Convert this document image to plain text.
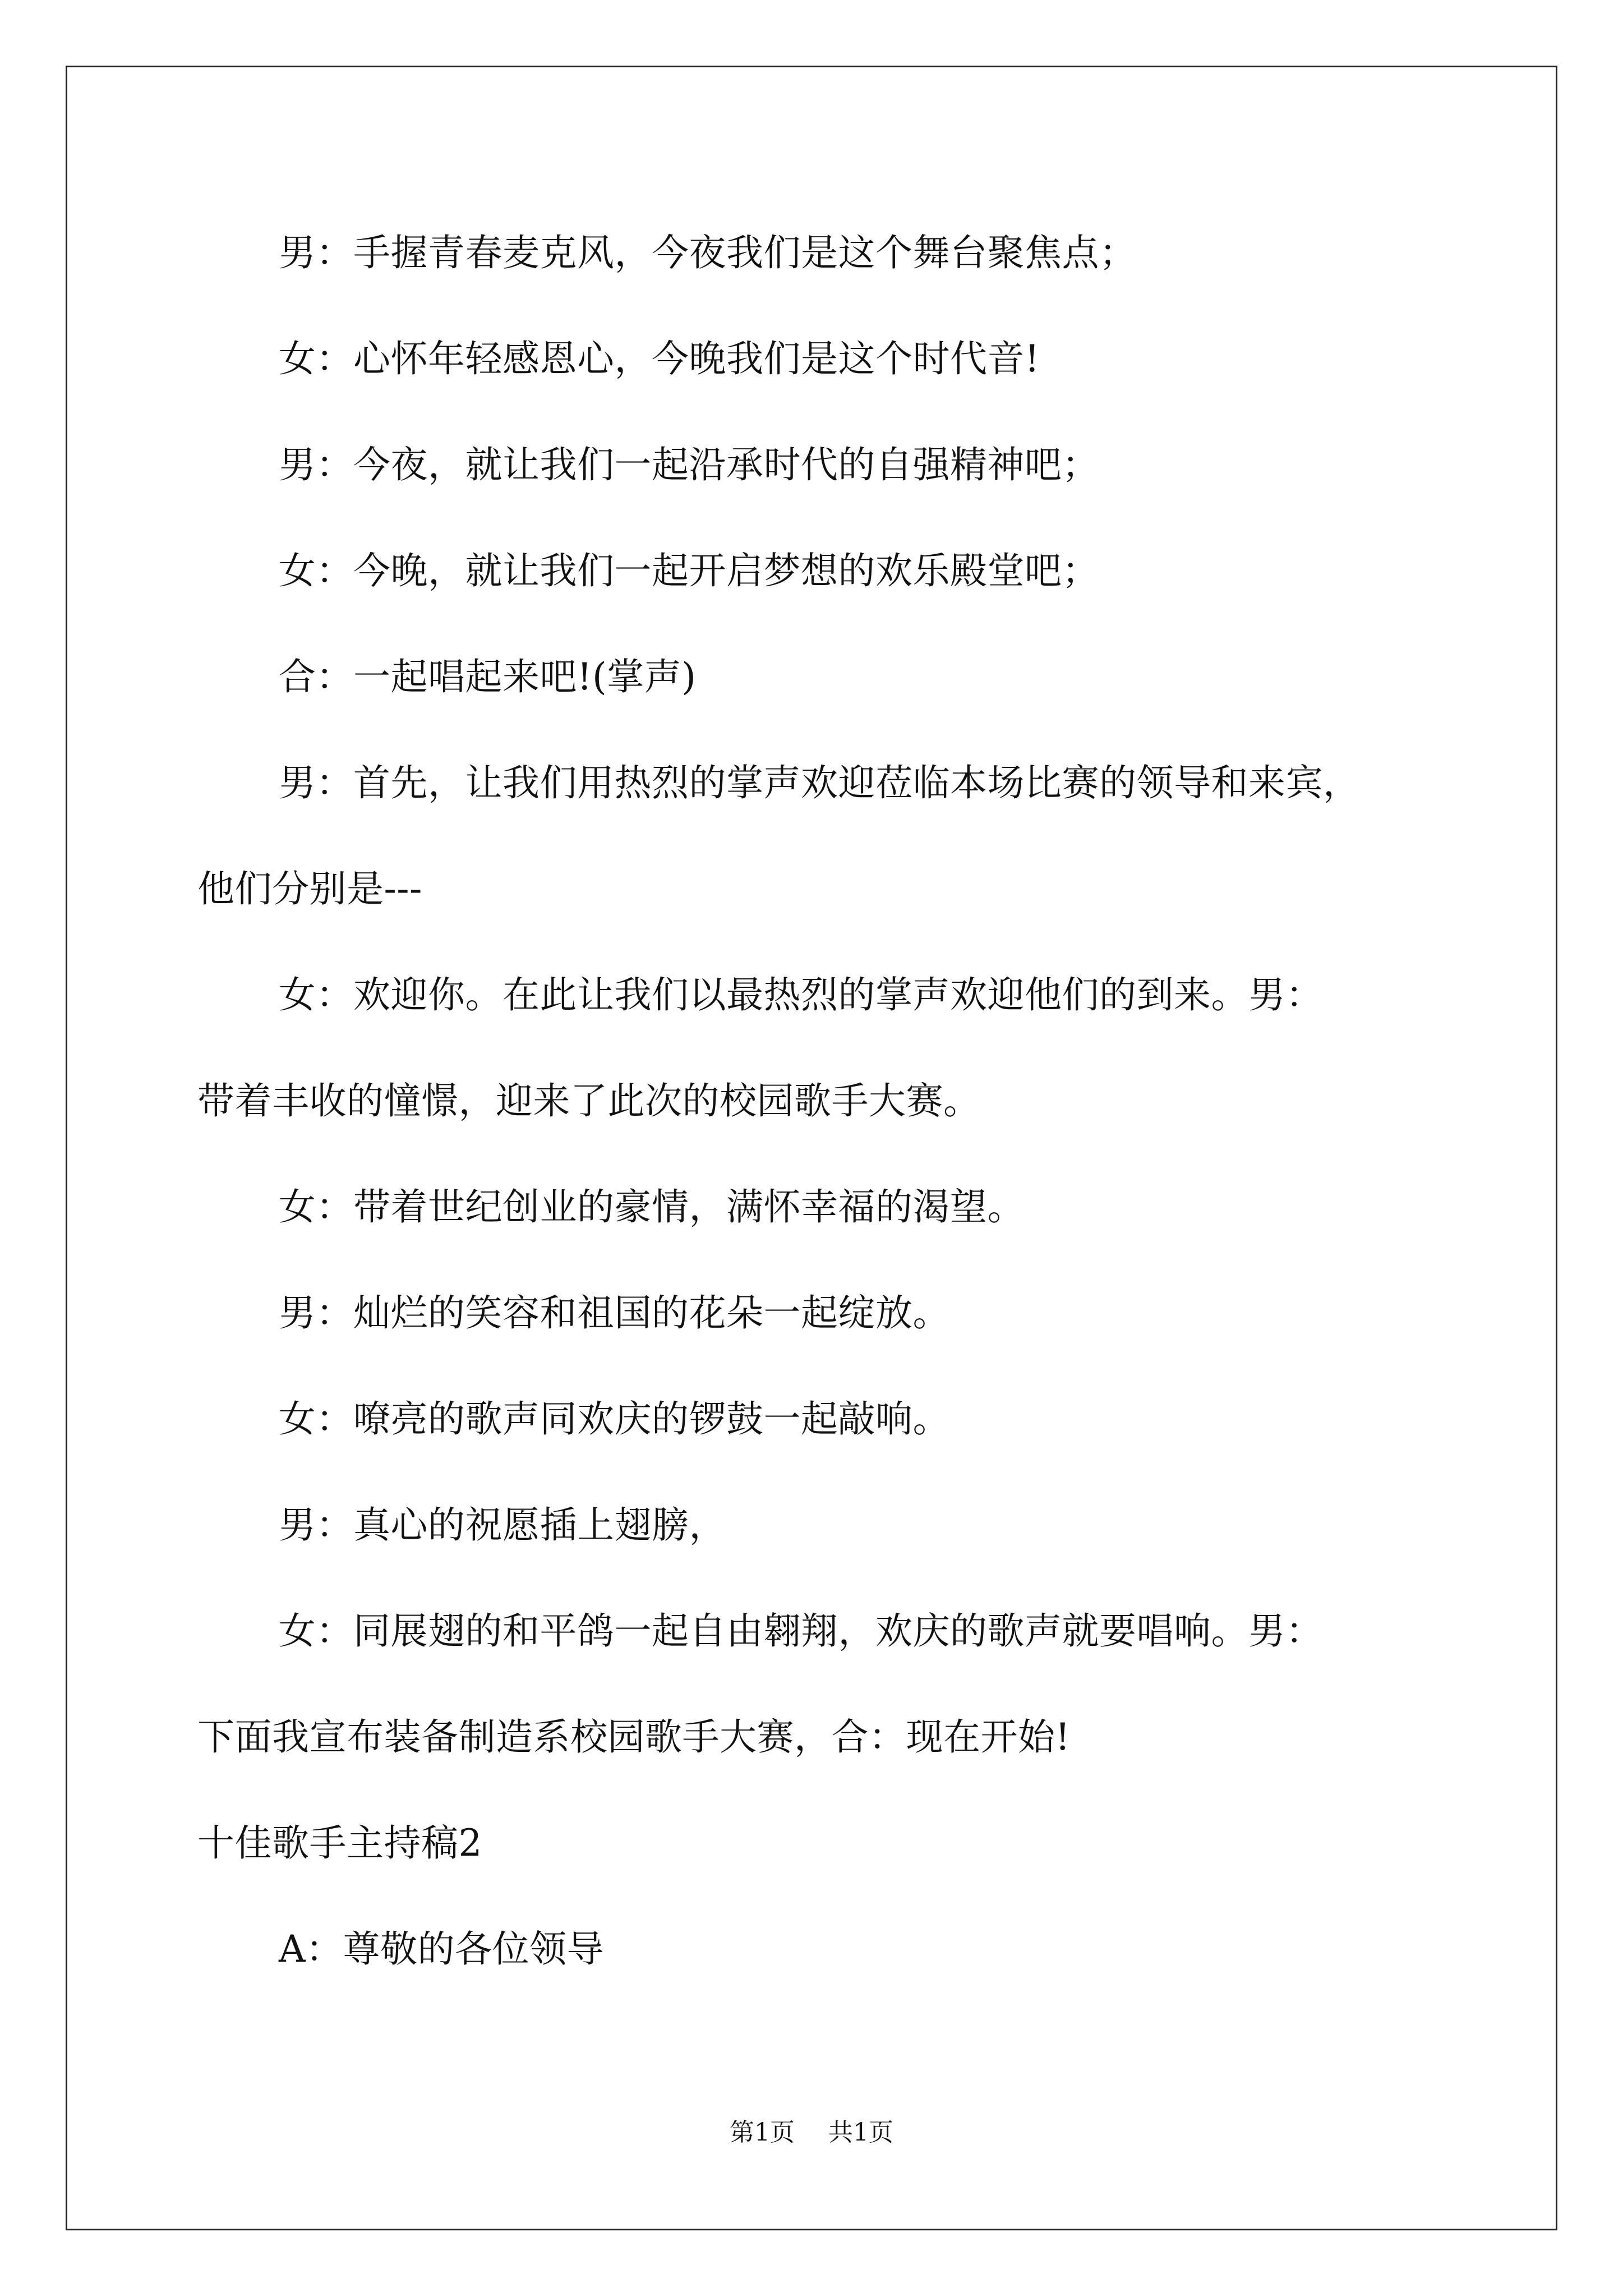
男：手握青春麦克风，今夜我们是这个舞台聚焦点；
女：心怀年轻感恩心，今晚我们是这个时代音!
男：今夜，就让我们一起沿承时代的自强精神吧；
女：今晚，就让我们一起开启梦想的欢乐殿堂吧；
合：一起唱起来吧!(掌声)
男：首先，让我们用热烈的掌声欢迎莅临本场比赛的领导和来宾，
他们分别是---
女：欢迎你。在此让我们以最热烈的掌声欢迎他们的到来。男：
带着丰收的憧憬，迎来了此次的校园歌手大赛。
女：带着世纪创业的豪情，满怀幸福的渴望。
男：灿烂的笑容和祖国的花朵一起绽放。
女：嘹亮的歌声同欢庆的锣鼓一起敲响。
男：真心的祝愿插上翅膀，
女：同展翅的和平鸽一起自由翱翔，欢庆的歌声就要唱响。男：
下面我宣布装备制造系校园歌手大赛，合：现在开始!
十佳歌手主持稿2
A：尊敬的各位领导
第1页 共1页
